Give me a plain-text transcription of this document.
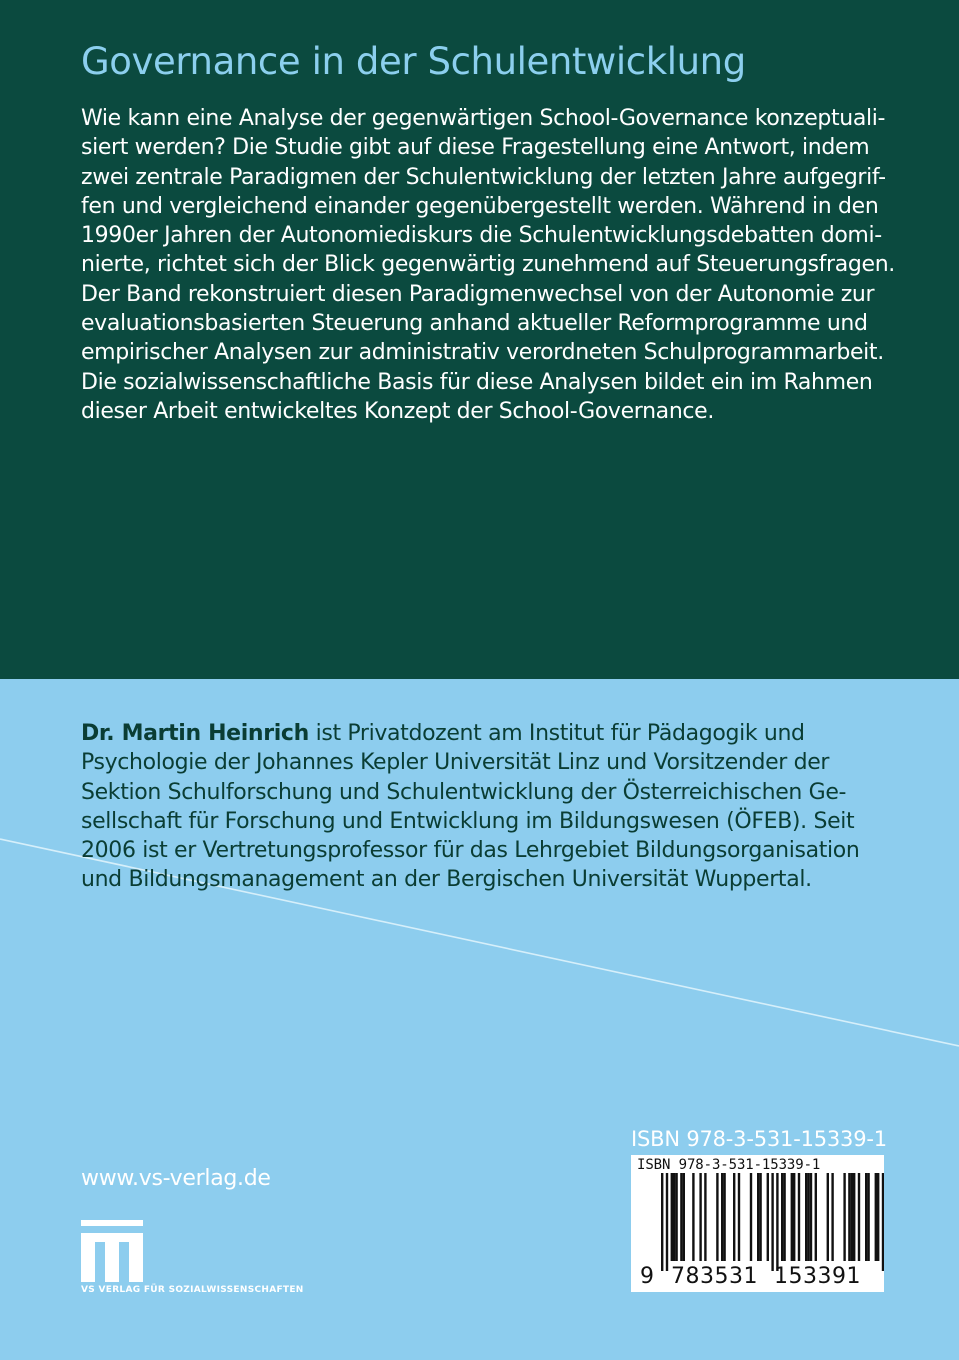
Governance in der Schulentwicklung
Wie kann eine Analyse der gegenwärtigen School-Governance konzeptuali-
siert werden? Die Studie gibt auf diese Fragestellung eine Antwort, indem
zwei zentrale Paradigmen der Schulentwicklung der letzten Jahre aufgegrif-
fen und vergleichend einander gegenübergestellt werden. Während in den
1990er Jahren der Autonomiediskurs die Schulentwicklungsdebatten domi-
nierte, richtet sich der Blick gegenwärtig zunehmend auf Steuerungsfragen.
Der Band rekonstruiert diesen Paradigmenwechsel von der Autonomie zur
evaluationsbasierten Steuerung anhand aktueller Reformprogramme und
empirischer Analysen zur administrativ verordneten Schulprogrammarbeit.
Die sozialwissenschaftliche Basis für diese Analysen bildet ein im Rahmen
dieser Arbeit entwickeltes Konzept der School-Governance.
Dr. Martin Heinrich ist Privatdozent am Institut für Pädagogik und
Psychologie der Johannes Kepler Universität Linz und Vorsitzender der
Sektion Schulforschung und Schulentwicklung der Österreichischen Ge-
sellschaft für Forschung und Entwicklung im Bildungswesen (ÖFEB). Seit
2006 ist er Vertretungsprofessor für das Lehrgebiet Bildungsorganisation
und Bildungsmanagement an der Bergischen Universität Wuppertal.
www.vs-verlag.de
VS VERLAG FÜR SOZIALWISSENSCHAFTEN
ISBN 978-3-531-15339-1
ISBN 978-3-531-15339-1
9 783531 153391
